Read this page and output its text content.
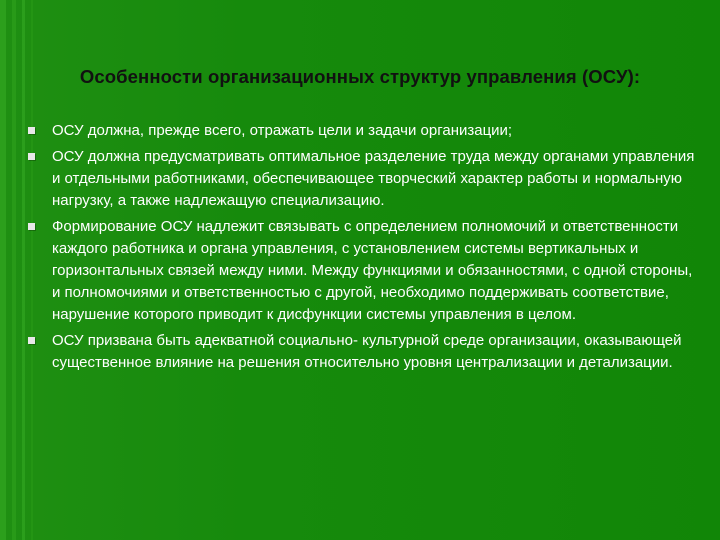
Особенности организационных структур управления (ОСУ):
ОСУ должна, прежде всего, отражать цели и задачи организации;
ОСУ должна предусматривать оптимальное разделение труда между органами управления и отдельными работниками, обеспечивающее творческий характер работы и нормальную нагрузку, а также надлежащую специализацию.
Формирование ОСУ надлежит связывать с определением полномочий и ответственности каждого работника и органа управления, с установлением системы вертикальных и горизонтальных связей между ними. Между функциями и обязанностями, с одной стороны, и полномочиями и ответственностью с другой, необходимо поддерживать соответствие, нарушение которого приводит к дисфункции системы управления в целом.
ОСУ призвана быть адекватной социально- культурной среде организации, оказывающей существенное влияние на решения относительно уровня централизации и детализации.
